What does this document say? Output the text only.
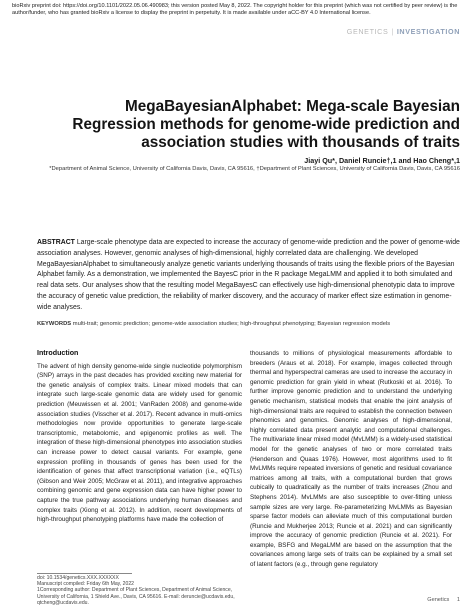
bioRxiv preprint doi: https://doi.org/10.1101/2022.05.06.490983; this version posted May 8, 2022. The copyright holder for this preprint (which was not certified by peer review) is the author/funder, who has granted bioRxiv a license to display the preprint in perpetuity. It is made available under aCC-BY 4.0 International license.
GENETICS | INVESTIGATION
MegaBayesianAlphabet: Mega-scale Bayesian Regression methods for genome-wide prediction and association studies with thousands of traits
Jiayi Qu*, Daniel Runcie†,1 and Hao Cheng*,1
*Department of Animal Science, University of California Davis, Davis, CA 95616, †Department of Plant Sciences, University of California Davis, Davis, CA 95616
ABSTRACT Large-scale phenotype data are expected to increase the accuracy of genome-wide prediction and the power of genome-wide association analyses. However, genomic analyses of high-dimensional, highly correlated data are challenging. We developed MegaBayesianAlphabet to simultaneously analyze genetic variants underlying thousands of traits using the flexible priors of the Bayesian Alphabet family. As a demonstration, we implemented the BayesC prior in the R package MegaLMM and applied it to both simulated and real data sets. Our analyses show that the resulting model MegaBayesC can effectively use high-dimensional phenotypic data to improve the accuracy of genetic value prediction, the reliability of marker discovery, and the accuracy of marker effect size estimation in genome-wide analyses.
KEYWORDS multi-trait; genomic prediction; genome-wide association studies; high-throughput phenotyping; Bayesian regression models
Introduction
The advent of high density genome-wide single nucleotide polymorphism (SNP) arrays in the past decades has provided exciting new material for the genetic analysis of complex traits. Linear mixed models that can integrate such large-scale genomic data are widely used for genomic prediction (Meuwissen et al. 2001; VanRaden 2008) and genome-wide association studies (Visscher et al. 2017). Recent advance in multi-omics methodologies now provide opportunities to generate large-scale transcriptomic, metabolomic, and epigenomic profiles as well. The integration of these high-dimensional phenotypes into association studies can increase power to detect causal variants. For example, gene expression profiling in thousands of genes has been used for the identification of genes that affect transcriptional variation (i.e., eQTLs) (Gibson and Weir 2005; McGraw et al. 2011), and integrative approaches combining genomic and gene expression data can have higher power to capture the true pathway associations underlying human diseases and complex traits (Xiong et al. 2012). In addition, recent developments of high-throughput phenotyping platforms have made the collection of
thousands to millions of physiological measurements affordable to breeders (Araus et al. 2018). For example, images collected through thermal and hyperspectral cameras are used to increase the accuracy in genomic prediction for grain yield in wheat (Rutkoski et al. 2016). To further improve genomic prediction and to understand the underlying genetic mechanism, statistical models that enable the joint analysis of high-dimensional traits are required to establish the connection between phenomics and genomics. Genomic analyses of high-dimensional, highly correlated data present analytic and computational challenges. The multivariate linear mixed model (MvLMM) is a widely-used statistical model for the genetic analyses of two or more correlated traits (Henderson and Quaas 1976). However, most algorithms used to fit MvLMMs require repeated inversions of genetic and residual covariance matrices among all traits, with a computational burden that grows cubically to quadratically as the number of traits increases (Zhou and Stephens 2014). MvLMMs are also susceptible to over-fitting unless sample sizes are very large. Re-parameterizing MvLMMs as Bayesian sparse factor models can alleviate much of this computational burden (Runcie and Mukherjee 2013; Runcie et al. 2021) and can significantly improve the accuracy of genomic prediction (Runcie et al. 2021). For example, BSFG and MegaLMM are based on the assumption that the covariances among large sets of traits can be explained by a small set of latent factors (e.g., through gene regulatory
doi: 10.1534/genetics.XXX.XXXXXX
Manuscript compiled: Friday 6th May, 2022
1Corresponding author: Department of Plant Sciences, Department of Animal Science, University of California, 1 Shield Ave., Davis, CA 95616. E-mail: deruncie@ucdavis.edu, qtcheng@ucdavis.edu.	Genetics 1
